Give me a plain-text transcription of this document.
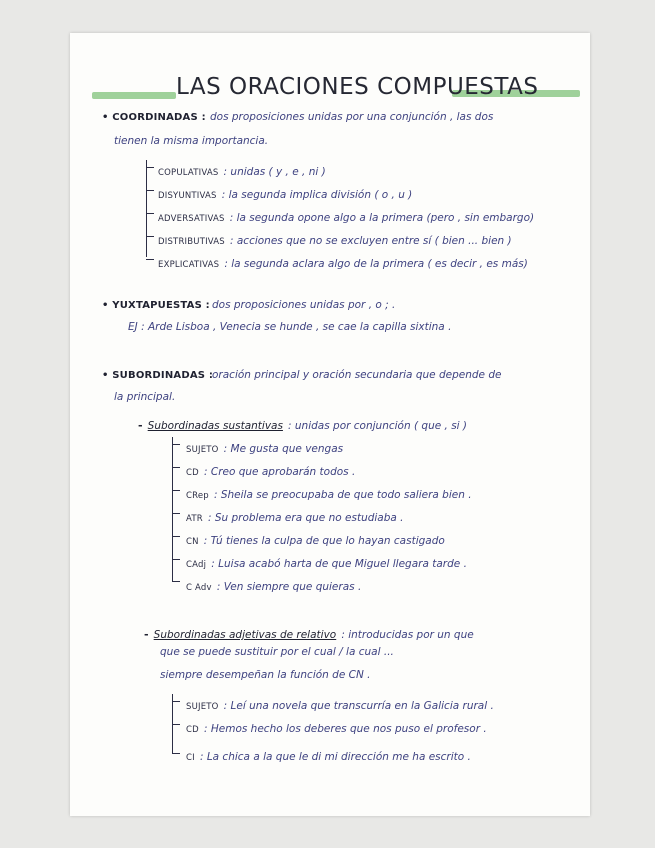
LAS ORACIONES COMPUESTAS
• COORDINADAS : dos proposiciones unidas por una conjunción , las dos
tienen la misma importancia.
COPULATIVAS : unidas ( y , e , ni )
DISYUNTIVAS : la segunda implica división ( o , u )
ADVERSATIVAS : la segunda opone algo a la primera (pero , sin embargo)
DISTRIBUTIVAS : acciones que no se excluyen entre sí ( bien ... bien )
EXPLICATIVAS : la segunda aclara algo de la primera ( es decir , es más)
• YUXTAPUESTAS : dos proposiciones unidas por , o ; .
EJ : Arde Lisboa , Venecia se hunde , se cae la capilla sixtina .
• SUBORDINADAS :
oración principal y oración secundaria que depende de
la principal.
- Subordinadas sustantivas : unidas por conjunción ( que , si )
SUJETO : Me gusta que vengas
CD : Creo que aprobarán todos .
CRep : Sheila se preocupaba de que todo saliera bien .
ATR : Su problema era que no estudiaba .
CN : Tú tienes la culpa de que lo hayan castigado
CAdj : Luisa acabó harta de que Miguel llegara tarde .
C Adv : Ven siempre que quieras .
- Subordinadas adjetivas de relativo : introducidas por un que
que se puede sustituir por el cual / la cual ...
siempre desempeñan la función de CN .
SUJETO : Leí una novela que transcurría en la Galicia rural .
CD : Hemos hecho los deberes que nos puso el profesor .
CI : La chica a la que le di mi dirección me ha escrito .
